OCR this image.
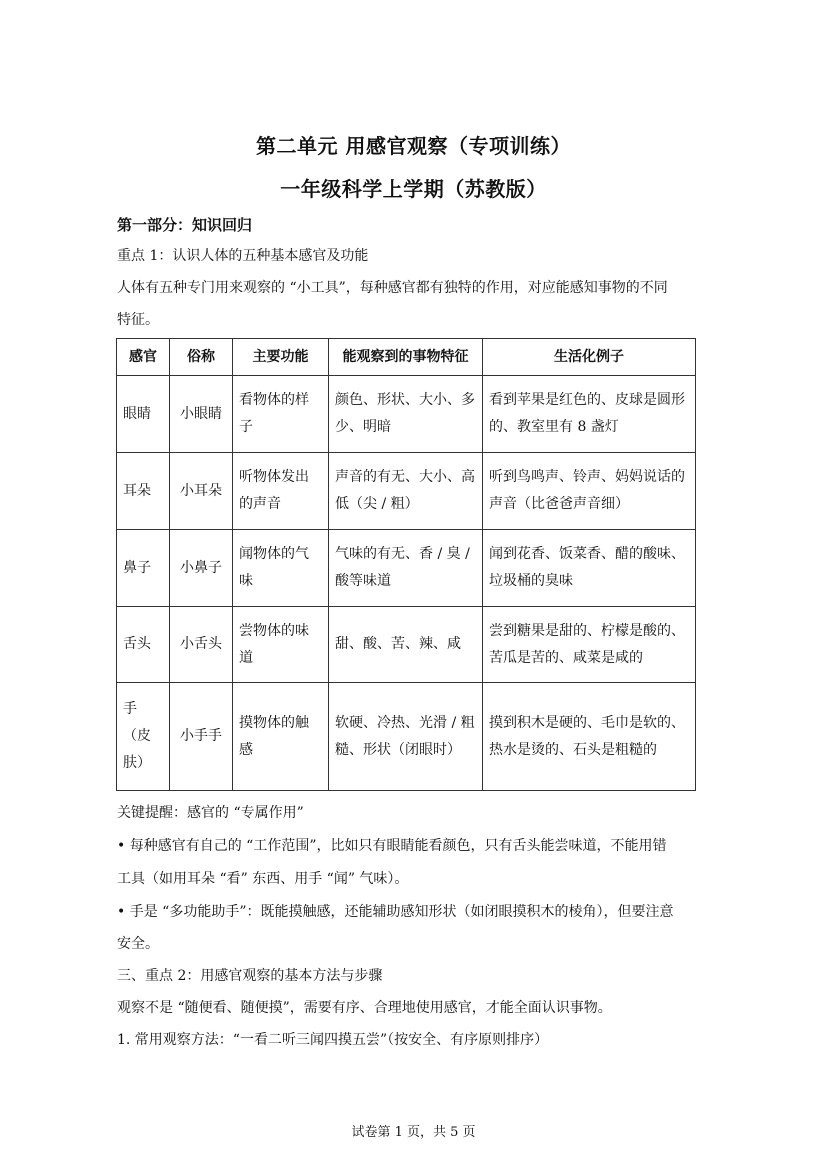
第二单元 用感官观察（专项训练）
一年级科学上学期（苏教版）
第一部分：知识回归
重点 1：认识人体的五种基本感官及功能
人体有五种专门用来观察的 “小工具”，每种感官都有独特的作用，对应能感知事物的不同
特征。
感官	俗称	主要功能	能观察到的事物特征	生活化例子
眼睛	小眼睛	看物体的样子	颜色、形状、大小、多少、明暗	看到苹果是红色的、皮球是圆形的、教室里有 8 盏灯
耳朵	小耳朵	听物体发出的声音	声音的有无、大小、高低（尖 / 粗）	听到鸟鸣声、铃声、妈妈说话的声音（比爸爸声音细）
鼻子	小鼻子	闻物体的气味	气味的有无、香 / 臭 / 酸等味道	闻到花香、饭菜香、醋的酸味、垃圾桶的臭味
舌头	小舌头	尝物体的味道	甜、酸、苦、辣、咸	尝到糖果是甜的、柠檬是酸的、苦瓜是苦的、咸菜是咸的
手（皮肤）	小手手	摸物体的触感	软硬、冷热、光滑 / 粗糙、形状（闭眼时）	摸到积木是硬的、毛巾是软的、热水是烫的、石头是粗糙的
关键提醒：感官的 “专属作用”
• 每种感官有自己的 “工作范围”，比如只有眼睛能看颜色，只有舌头能尝味道，不能用错
工具（如用耳朵 “看” 东西、用手 “闻” 气味）。
• 手是 “多功能助手”：既能摸触感，还能辅助感知形状（如闭眼摸积木的棱角），但要注意
安全。
三、重点 2：用感官观察的基本方法与步骤
观察不是 “随便看、随便摸”，需要有序、合理地使用感官，才能全面认识事物。
1. 常用观察方法：“一看二听三闻四摸五尝”（按安全、有序原则排序）
试卷第 1 页，共 5 页
